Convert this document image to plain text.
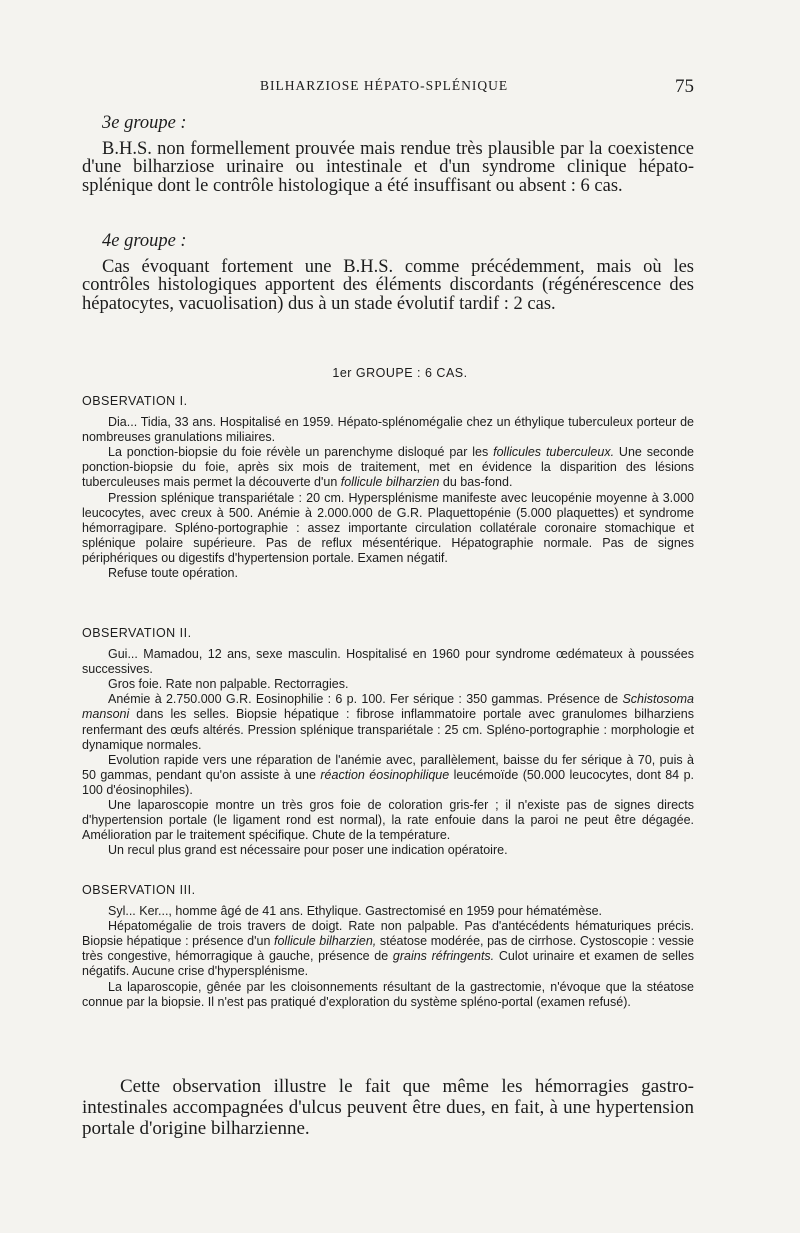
BILHARZIOSE HÉPATO-SPLÉNIQUE	75

3e groupe :

B.H.S. non formellement prouvée mais rendue très plausible par la coexistence d'une bilharziose urinaire ou intestinale et d'un syndrome clinique hépato-splénique dont le contrôle histologique a été insuffisant ou absent : 6 cas.

4e groupe :

Cas évoquant fortement une B.H.S. comme précédemment, mais où les contrôles histologiques apportent des éléments discordants (régénérescence des hépatocytes, vacuolisation) dus à un stade évolutif tardif : 2 cas.

1er GROUPE : 6 CAS.
OBSERVATION I.

Dia... Tidia, 33 ans. Hospitalisé en 1959. Hépato-splénomégalie chez un éthylique tuberculeux porteur de nombreuses granulations miliaires.

La ponction-biopsie du foie révèle un parenchyme disloqué par les follicules tuberculeux. Une seconde ponction-biopsie du foie, après six mois de traitement, met en évidence la disparition des lésions tuberculeuses mais permet la découverte d'un follicule bilharzien du bas-fond.

Pression splénique transpariétale : 20 cm. Hypersplénisme manifeste avec leucopénie moyenne à 3.000 leucocytes, avec creux à 500. Anémie à 2.000.000 de G.R. Plaquettopénie (5.000 plaquettes) et syndrome hémorragipare. Spléno-portographie : assez importante circulation collatérale coronaire stomachique et splénique polaire supérieure. Pas de reflux mésentérique. Hépatographie normale. Pas de signes périphériques ou digestifs d'hypertension portale. Examen négatif.

Refuse toute opération.

OBSERVATION II.

Gui... Mamadou, 12 ans, sexe masculin. Hospitalisé en 1960 pour syndrome œdémateux à poussées successives.

Gros foie. Rate non palpable. Rectorragies.

Anémie à 2.750.000 G.R. Eosinophilie : 6 p. 100. Fer sérique : 350 gammas. Présence de Schistosoma mansoni dans les selles. Biopsie hépatique : fibrose inflammatoire portale avec granulomes bilharziens renfermant des œufs altérés. Pression splénique transpariétale : 25 cm. Spléno-portographie : morphologie et dynamique normales.

Evolution rapide vers une réparation de l'anémie avec, parallèlement, baisse du fer sérique à 70, puis à 50 gammas, pendant qu'on assiste à une réaction éosinophilique leucémoïde (50.000 leucocytes, dont 84 p. 100 d'éosinophiles).

Une laparoscopie montre un très gros foie de coloration gris-fer ; il n'existe pas de signes directs d'hypertension portale (le ligament rond est normal), la rate enfouie dans la paroi ne peut être dégagée. Amélioration par le traitement spécifique. Chute de la température.

Un recul plus grand est nécessaire pour poser une indication opératoire.

OBSERVATION III.

Syl... Ker..., homme âgé de 41 ans. Ethylique. Gastrectomisé en 1959 pour hématémèse.

Hépatomégalie de trois travers de doigt. Rate non palpable. Pas d'antécédents hématuriques précis. Biopsie hépatique : présence d'un follicule bilharzien, stéatose modérée, pas de cirrhose. Cystoscopie : vessie très congestive, hémorragique à gauche, présence de grains réfringents. Culot urinaire et examen de selles négatifs. Aucune crise d'hypersplénisme.

La laparoscopie, gênée par les cloisonnements résultant de la gastrectomie, n'évoque que la stéatose connue par la biopsie. Il n'est pas pratiqué d'exploration du système spléno-portal (examen refusé).

Cette observation illustre le fait que même les hémorragies gastro-intestinales accompagnées d'ulcus peuvent être dues, en fait, à une hypertension portale d'origine bilharzienne.
